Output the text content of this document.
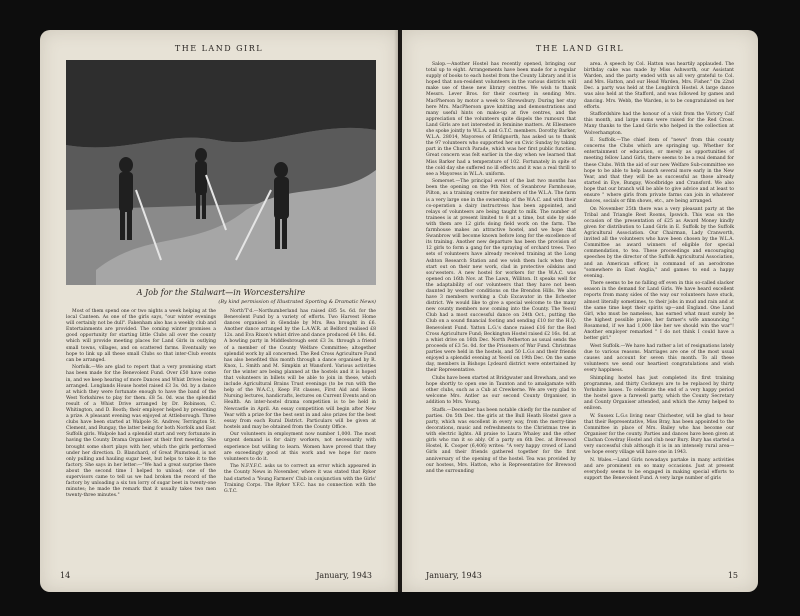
THE LAND GIRL
A Job for the Stalwart—in Worcestershire
(By kind permission of Illustrated Sporting & Dramatic News)

Most of them spend one or two nights a week helping at the local Canteen. As one of the girls says, "our winter evenings will certainly not be dull". Fakenham also has a weekly club and Entertainments are provided. The coming winter promises a good opportunity for starting little Clubs all over the county which will provide meeting places for Land Girls in outlying small towns, villages, and on scattered farms. Eventually we hope to link up all these small Clubs so that inter-Club events can be arranged.

Norfolk.—We are glad to report that a very promising start has been made for the Benevolent Fund. Over £50 have come in, and we keep hearing of more Dances and Whist Drives being arranged. Longlands House hostel raised £3 3s. 0d. by a dance at which they were fortunate enough to have the band of the West Yorkshires to play for them. £8 5s. 0d. was the splendid result of a Whist Drive arranged by Dr. Robinson, C. Whitington, and D. Booth; their employer helped by presenting a prize. A pleasant evening was enjoyed at Attleborough. Three clubs have been started at Walpole St. Andrew, Terrington St. Clement, and Bungay, the latter being for both Norfolk and East Suffolk girls. Walpole had a splendid start and very fortunate in having the County Drama Organiser at their first meeting. She brought some short plays with her, which the girls performed under her direction. D. Blanchard, of Great Plumstead, is not only pulling and hauling sugar beet, but helps to take it to the factory. She says in her letter:—"We had a great surprise there about the second time I helped to unload; one of the supervisors came to tell us we had broken the record of the factory by unloading a six ton lorry of sugar beet in twenty-one minutes; he made the remark that it usually takes two men twenty-three minutes."

North'T'd.—Northumberland has raised £85 5s. 6d. for the Benevolent Fund by a variety of efforts. Two Harvest Home dances organised in Glendale by Mrs. Rea brought in £6. Another dance arranged by the L.A.W.R. at Belford realised £8 12s. and Eva Rixon's whist drive and dance produced £4 18s. 6d. A bowling party in Middlesbrough sent £3 3s. through a friend of a member of the County Welfare Committee; altogether splendid work by all concerned. The Red Cross Agriculture Fund has also benefited this month through a dance organised by R. Knox, L. Smith and M. Simpkin at Wansford. Various activities for the winter are being planned at the hostels and it is hoped that volunteers in billets will be able to join in these, which include Agricultural Brains Trust evenings (to be run with the help of the W.A.C.), Keep Fit classes, First Aid and Home Nursing lectures, handicrafts, lectures on Current Events and on Health. An inter-hostel drama competition is to be held in Newcastle in April. An essay competition will begin after New Year with a prize for the best sent in and also prizes for the best essay from each Rural District. Particulars will be given at hostels and may be obtained from the County Office.

Our volunteers in employment now number 1,000. The most urgent demand is for dairy workers, not necessarily with experience but willing to learn. Women have proved that they are exceedingly good at this work and we hope for more volunteers to do it.

The N.F.Y.F.C. asks us to correct an error which appeared in the County News in November, where it was stated that Ryker had started a 'Young Farmers' Club in conjunction with the Girls' Training Corps. The Ryker Y.F.C. has no connection with the G.T.C.

14	January, 1943
THE LAND GIRL

Salop.—Another Hostel has recently opened, bringing our total up to eight. Arrangements have been made for a regular supply of books to each hostel from the County Library and it is hoped that non-resident volunteers in the various districts will make use of these new library centres. We wish to thank Messrs. Lever Bros. for their courtesy in sending Mrs. MacPherson by motor a week to Shrewsbury. During her stay here Mrs. MacPherson gave knitting and demonstrations and many useful hints on make-up at five centres, and the appreciation of the volunteers quite dispels the rumours that Land Girls are not interested in feminine matters. At Ellesmere she spoke jointly to W.L.A. and G.T.C. members. Dorothy Barker, W.L.A. 28014, Mayoress of Bridgnorth, has asked us to thank the 97 volunteers who supported her on Civic Sunday by taking part in the Church Parade, which was her first public function. Great concern was felt earlier in the day when we learned that Miss Barker had a temperature of 102. Fortunately in spite of the cold day she suffered no ill effects and it was a real thrill to see a Mayoress in W.L.A. uniform.

Somerset.—The principal event of the last two months has been the opening on the 9th Nov. of Swanbrow Farmhouse, Pilton, as a training centre for members of the W.L.A. The farm is a very large one in the ownership of the W.A.C. and with their co-operation a dairy instructress has been appointed, and relays of volunteers are being taught to milk. The number of trainees is at present limited to 8 at a time, but side by side with them are 12 girls doing field work on the farm. The farmhouse makes an attractive hostel, and we hope that Swanbrow will become known before long for the excellence of its training. Another new departure has been the provision of 12 girls to form a gang for the spraying of orchard trees. Two sets of volunteers have already received training at the Long Ashton Research Station and we wish them luck when they start out on their new work, clad in protective oilskins and sou'westers. A new hostel for workers for the W.A.C. was opened on 16th Nov. at The Lawn, Williton. It speaks well for the adaptability of our volunteers that they have not been daunted by weather conditions on the Brendon Hills. We also have 3 members working a Cub Excavator in the Ilchester district. We would like to give a special welcome to the many new county members now coming into the County. The Yeovil Club had a most successful dance on 24th Oct., putting the Club on a sound financial footing and sending £10 for the H.Q. Benevolent Fund. Yatton L.G.'s dance raised £16 for the Red Cross Agriculture Fund; Beckington Hostel raised £2 16s. 0d. at a whist drive on 16th Dec. North Petherton as usual sends the proceeds of £3 5s. 0d. for the Prisoners of War Fund. Christmas parties were held in the hostels, and 50 L.G.s and their friends enjoyed a splendid evening at Yeovil on 19th Dec. On the same day, members in Bishops Lydeard district were entertained by their Representative.

Clubs have been started at Bridgwater and Brewham, and we hope shortly to open one in Taunton and to amalgamate with other clubs, such as a Cub at Crewkerne. We are very glad to welcome Mrs. Antler as our second County Organiser, in addition to Mrs. Young.

Staffs.—December has been notable chiefly for the number of parties. On 5th Dec. the girls at the Bull Heath Hostel gave a party, which was excellent in every way, from the merry-time decorations, music and refreshments to the Christmas tree in with electric lights. All praise to Laura Whaley and the other girls who ran it so ably. Of a party on 6th Dec. at Brewood Hostel, K. Cooper (6,406) writes: "A very happy crowd of Land Girls and their friends gathered together for the first anniversary of the opening of the hostel. Tea was provided by our hostess, Mrs. Hatton, who is Representative for Brewood and the surrounding

area. A speech by Col. Hatton was heartily applauded. The birthday cake was made by Miss Ashworth, our Assistant Warden, and the party ended with us all very grateful to Col. and Mrs. Hatton, and our Head Warden, Mrs. Fisher." On 22nd Dec. a party was held at the Longbirch Hostel. A large dance was also held at the Stafford, and was followed by games and dancing. Mrs. Webb, the Warden, is to be congratulated on her efforts.

Staffordshire had the honour of a visit from the Victory Calf this month, and large sums were raised for the Red Cross. Many thanks to the Land Girls who helped in the collection at Wolverhampton.

E. Suffolk.—The chief item of "news" from this county concerns the Clubs which are springing up. Whether for entertainment or education, or merely as opportunities of meeting fellow Land Girls, there seems to be a real demand for these Clubs. With the aid of our new Welfare Sub-committee we hope to be able to help launch several more early in the New Year, and that they will be as successful as those already started in Eye, Bungay, Woodbridge and Cransford. We also hope that our branch will be able to give advice and at least to ensure " where girls from private farms can join in whatever dances, socials or film shows, etc., are being arranged.

On November 25th there was a very pleasant party at the Tribal and Triangle Rest Rooms, Ipswich. This was on the occasion of the presentation of £25 as Award Money kindly given for distribution to Land Girls in E. Suffolk by the Suffolk Agricultural Association. Our Chairman, Lady Cranworth, invited all the volunteers who have been chosen by the W.L.A. Committee as award winners of eligible for special commendation, to tea. These proceedings and encouraging speeches by the director of the Suffolk Agricultural Association, and an American officer, in command of an aerodrome "somewhere in East Anglia," and games to end a happy evening.

There seems to be no falling off even in this so-called slacker season in the demand for Land Girls. We have heard excellent reports from many sides of the way our volunteers have stuck, almost literally sometimes, to their jobs in mud and rain and at the same time kept their spirits up—and England. One Land Girl, who must be nameless, has earned what must surely be the highest possible praise, her farmer's wife announcing " Rosamond, if we had 1,000 like her we should win the war"! Another employer remarked " I do not think I could have a better girl."

West Suffolk.—We have had rather a lot of resignations lately due to various reasons. Marriages are one of the most usual causes and account for seven this month. To all these volunteers we send our heartiest congratulations and wish every happiness.

Shimpling hostel has just completed its first training programme, and thirty Cockneys are to be replaced by thirty Yorkshire lasses. To celebrate the end of a very happy period the hostel gave a farewell party, which the County Secretary and County Organiser attended, and which the Army helped to enliven.

W. Sussex L.G.s living near Chichester, will be glad to hear that their Representative, Miss Bray, has been appointed to the Committee in place of Mrs. Bailey who has become our Organiser for the county. Parties and dances have been given at Clachan Cowdray Hostel and club near Bury. Bury has started a very successful club although it is in an intensely rural area—we hope every village will have one in 1943.

N. Wales.—Land Girls nowadays partake in many activities and are prominent on so many occasions. Just at present everybody seems to be engaged in making special efforts to support the Benevolent Fund. A very large number of girls

January, 1943	15
